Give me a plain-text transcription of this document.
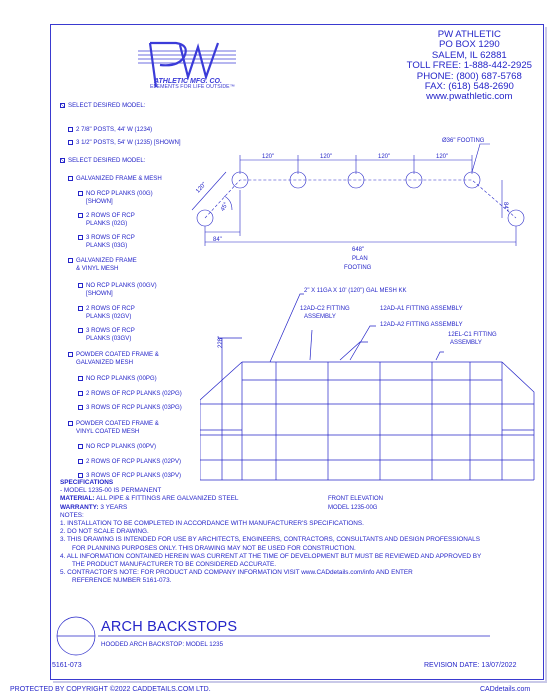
ATHLETIC MFG. CO.
ELEMENTS FOR LIFE OUTSIDE™
PW ATHLETIC
PO BOX 1290
SALEM, IL 62881
TOLL FREE: 1-888-442-2925
PHONE: (800) 687-5768
FAX: (618) 548-2690
www.pwathletic.com
SELECT DESIRED MODEL:
2 7/8" POSTS, 44' W (1234)
3 1/2" POSTS, 54' W (1235) [SHOWN]
SELECT DESIRED MODEL:
GALVANIZED FRAME & MESH
NO RCP PLANKS (00G)
[SHOWN]
2 ROWS OF RCP
PLANKS (02G)
3 ROWS OF RCP
PLANKS (03G)
GALVANIZED FRAME
& VINYL MESH
NO RCP PLANKS (00GV)
[SHOWN]
2 ROWS OF RCP
PLANKS (02GV)
3 ROWS OF RCP
PLANKS (03GV)
POWDER COATED FRAME &
GALVANIZED MESH
NO RCP PLANKS (00PG)
2 ROWS OF RCP PLANKS (02PG)
3 ROWS OF RCP PLANKS (03PG)
POWDER COATED FRAME &
VINYL COATED MESH
NO RCP PLANKS (00PV)
2 ROWS OF RCP PLANKS (02PV)
3 ROWS OF RCP PLANKS (03PV)
120"	120"	120"	120"
120"
45°
84"
84"
648"
Ø36" FOOTING
PLAN
FOOTING
2" X 11GA X 10' (120") GAL MESH KK
12AD-C2 FITTING
ASSEMBLY
12AD-A1 FITTING ASSEMBLY
12AD-A2 FITTING ASSEMBLY
12EL-C1 FITTING
ASSEMBLY
228"
FRONT ELEVATION
MODEL 1235-00G
SPECIFICATIONS
- MODEL 1235-00 IS PERMANENT
MATERIAL: ALL PIPE & FITTINGS ARE GALVANIZED STEEL
WARRANTY: 3 YEARS
NOTES:
1. INSTALLATION TO BE COMPLETED IN ACCORDANCE WITH MANUFACTURER'S SPECIFICATIONS.
2. DO NOT SCALE DRAWING.
3. THIS DRAWING IS INTENDED FOR USE BY ARCHITECTS, ENGINEERS, CONTRACTORS, CONSULTANTS AND DESIGN PROFESSIONALS
FOR PLANNING PURPOSES ONLY. THIS DRAWING MAY NOT BE USED FOR CONSTRUCTION.
4. ALL INFORMATION CONTAINED HEREIN WAS CURRENT AT THE TIME OF DEVELOPMENT BUT MUST BE REVIEWED AND APPROVED BY
THE PRODUCT MANUFACTURER TO BE CONSIDERED ACCURATE.
5. CONTRACTOR'S NOTE: FOR PRODUCT AND COMPANY INFORMATION VISIT www.CADdetails.com/info AND ENTER
REFERENCE NUMBER 5161-073.
ARCH BACKSTOPS
HOODED ARCH BACKSTOP: MODEL 1235
5161-073	REVISION DATE: 13/07/2022
PROTECTED BY COPYRIGHT ©2022 CADDETAILS.COM LTD.	CADdetails.com
